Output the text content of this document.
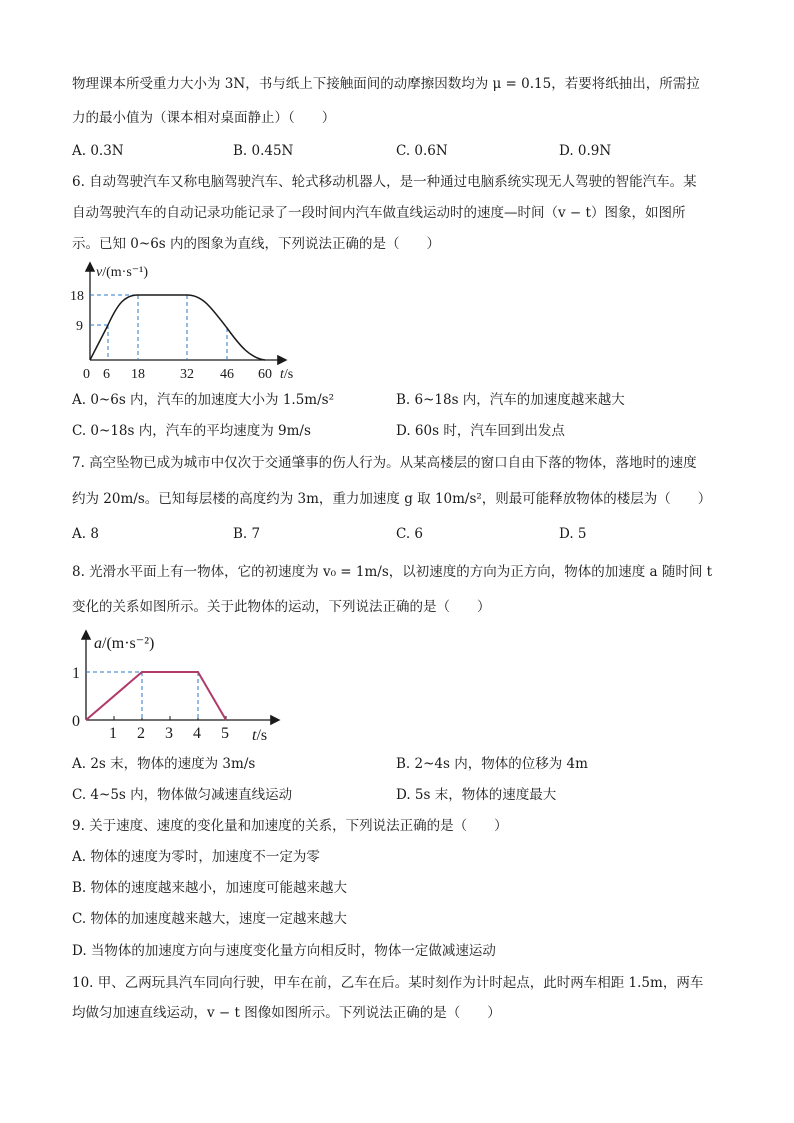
物理课本所受重力大小为 3N，书与纸上下接触面间的动摩擦因数均为 μ = 0.15，若要将纸抽出，所需拉
力的最小值为（课本相对桌面静止）（　　）
A. 0.3N	B. 0.45N	C. 0.6N	D. 0.9N
6. 自动驾驶汽车又称电脑驾驶汽车、轮式移动机器人，是一种通过电脑系统实现无人驾驶的智能汽车。某
自动驾驶汽车的自动记录功能记录了一段时间内汽车做直线运动时的速度—时间（v − t）图象，如图所
示。已知 0~6s 内的图象为直线，下列说法正确的是（　　）
v/(m·s⁻¹)
18
9
0 6 18	32 46 60 t/s
A. 0~6s 内，汽车的加速度大小为 1.5m/s²	B. 6~18s 内，汽车的加速度越来越大
C. 0~18s 内，汽车的平均速度为 9m/s	D. 60s 时，汽车回到出发点
7. 高空坠物已成为城市中仅次于交通肇事的伤人行为。从某高楼层的窗口自由下落的物体，落地时的速度
约为 20m/s。已知每层楼的高度约为 3m，重力加速度 g 取 10m/s²，则最可能释放物体的楼层为（　　）
A. 8	B. 7	C. 6	D. 5
8. 光滑水平面上有一物体，它的初速度为 v₀ = 1m/s，以初速度的方向为正方向，物体的加速度 a 随时间 t
变化的关系如图所示。关于此物体的运动，下列说法正确的是（　　）
a/(m·s⁻²)
1
0
1 2 3 4 5 t/s
A. 2s 末，物体的速度为 3m/s	B. 2~4s 内，物体的位移为 4m
C. 4~5s 内，物体做匀减速直线运动	D. 5s 末，物体的速度最大
9. 关于速度、速度的变化量和加速度的关系，下列说法正确的是（　　）
A. 物体的速度为零时，加速度不一定为零
B. 物体的速度越来越小，加速度可能越来越大
C. 物体的加速度越来越大，速度一定越来越大
D. 当物体的加速度方向与速度变化量方向相反时，物体一定做减速运动
10. 甲、乙两玩具汽车同向行驶，甲车在前，乙车在后。某时刻作为计时起点，此时两车相距 1.5m，两车
均做匀加速直线运动，v − t 图像如图所示。下列说法正确的是（　　）
